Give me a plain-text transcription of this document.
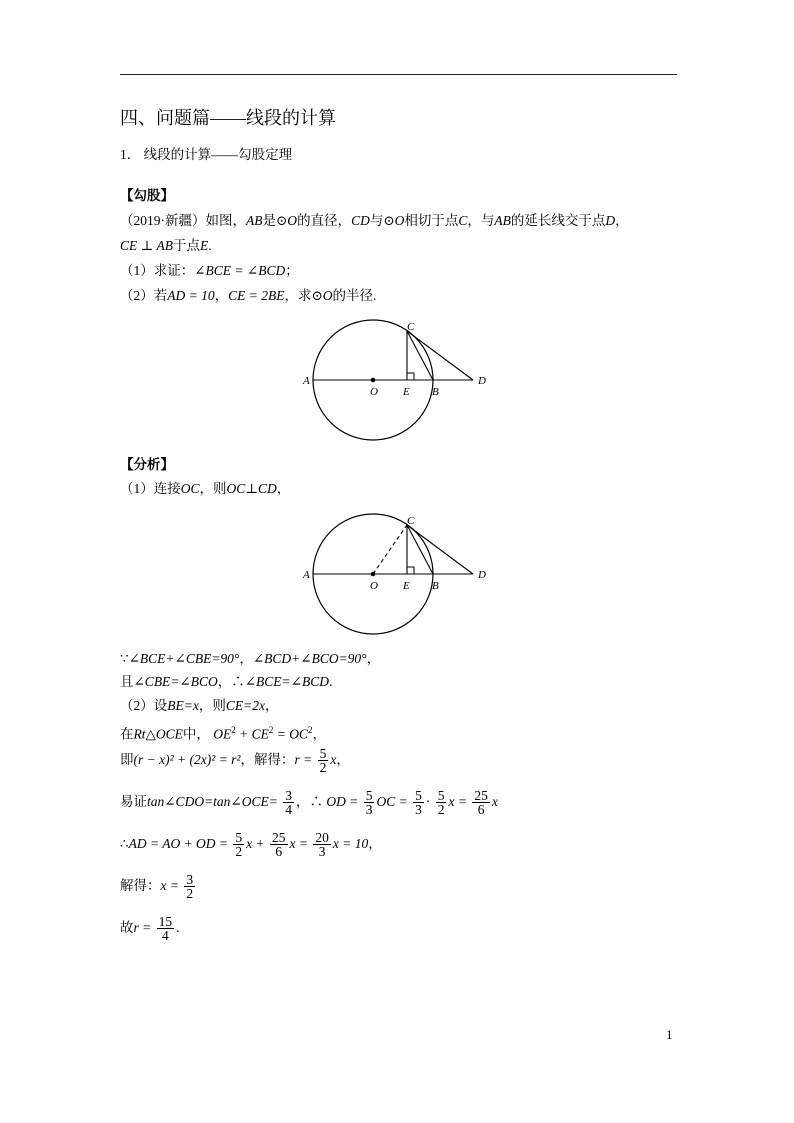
四、问题篇——线段的计算
1． 线段的计算——勾股定理
【勾股】
（2019·新疆）如图，AB是⊙O的直径，CD与⊙O相切于点C，与AB的延长线交于点D，
CE ⊥ AB于点E.
（1）求证：∠BCE = ∠BCD；
（2）若AD = 10，CE = 2BE，求⊙O的半径.
A
O E B
C
D
【分析】
（1）连接OC，则OC⊥CD，
A
O E B
C
D
∵∠BCE+∠CBE=90°，∠BCD+∠BCO=90°，
且∠CBE=∠BCO，∴∠BCE=∠BCD.
（2）设BE=x，则CE=2x，
在Rt△OCE中， $OE^2 + CE^2 = OC^2$，
即(r − x)² + (2x)² = r²，解得：$r = \frac{5}{2}$ x，
易证tan∠CDO=tan∠OCE= $\frac{3}{4}$ ，∴ OD = $\frac{5}{3}$ OC = $\frac{5}{3} \cdot \frac{5}{2}$ $x = \frac{25}{6}$ x
∴AD = AO + OD = $\frac{5}{2}$ $x + \frac{25}{6}$ $x = \frac{20}{3}$ x = 10，
解得：$x = \frac{3}{2}$
故$r = \frac{15}{4}$ .
1
